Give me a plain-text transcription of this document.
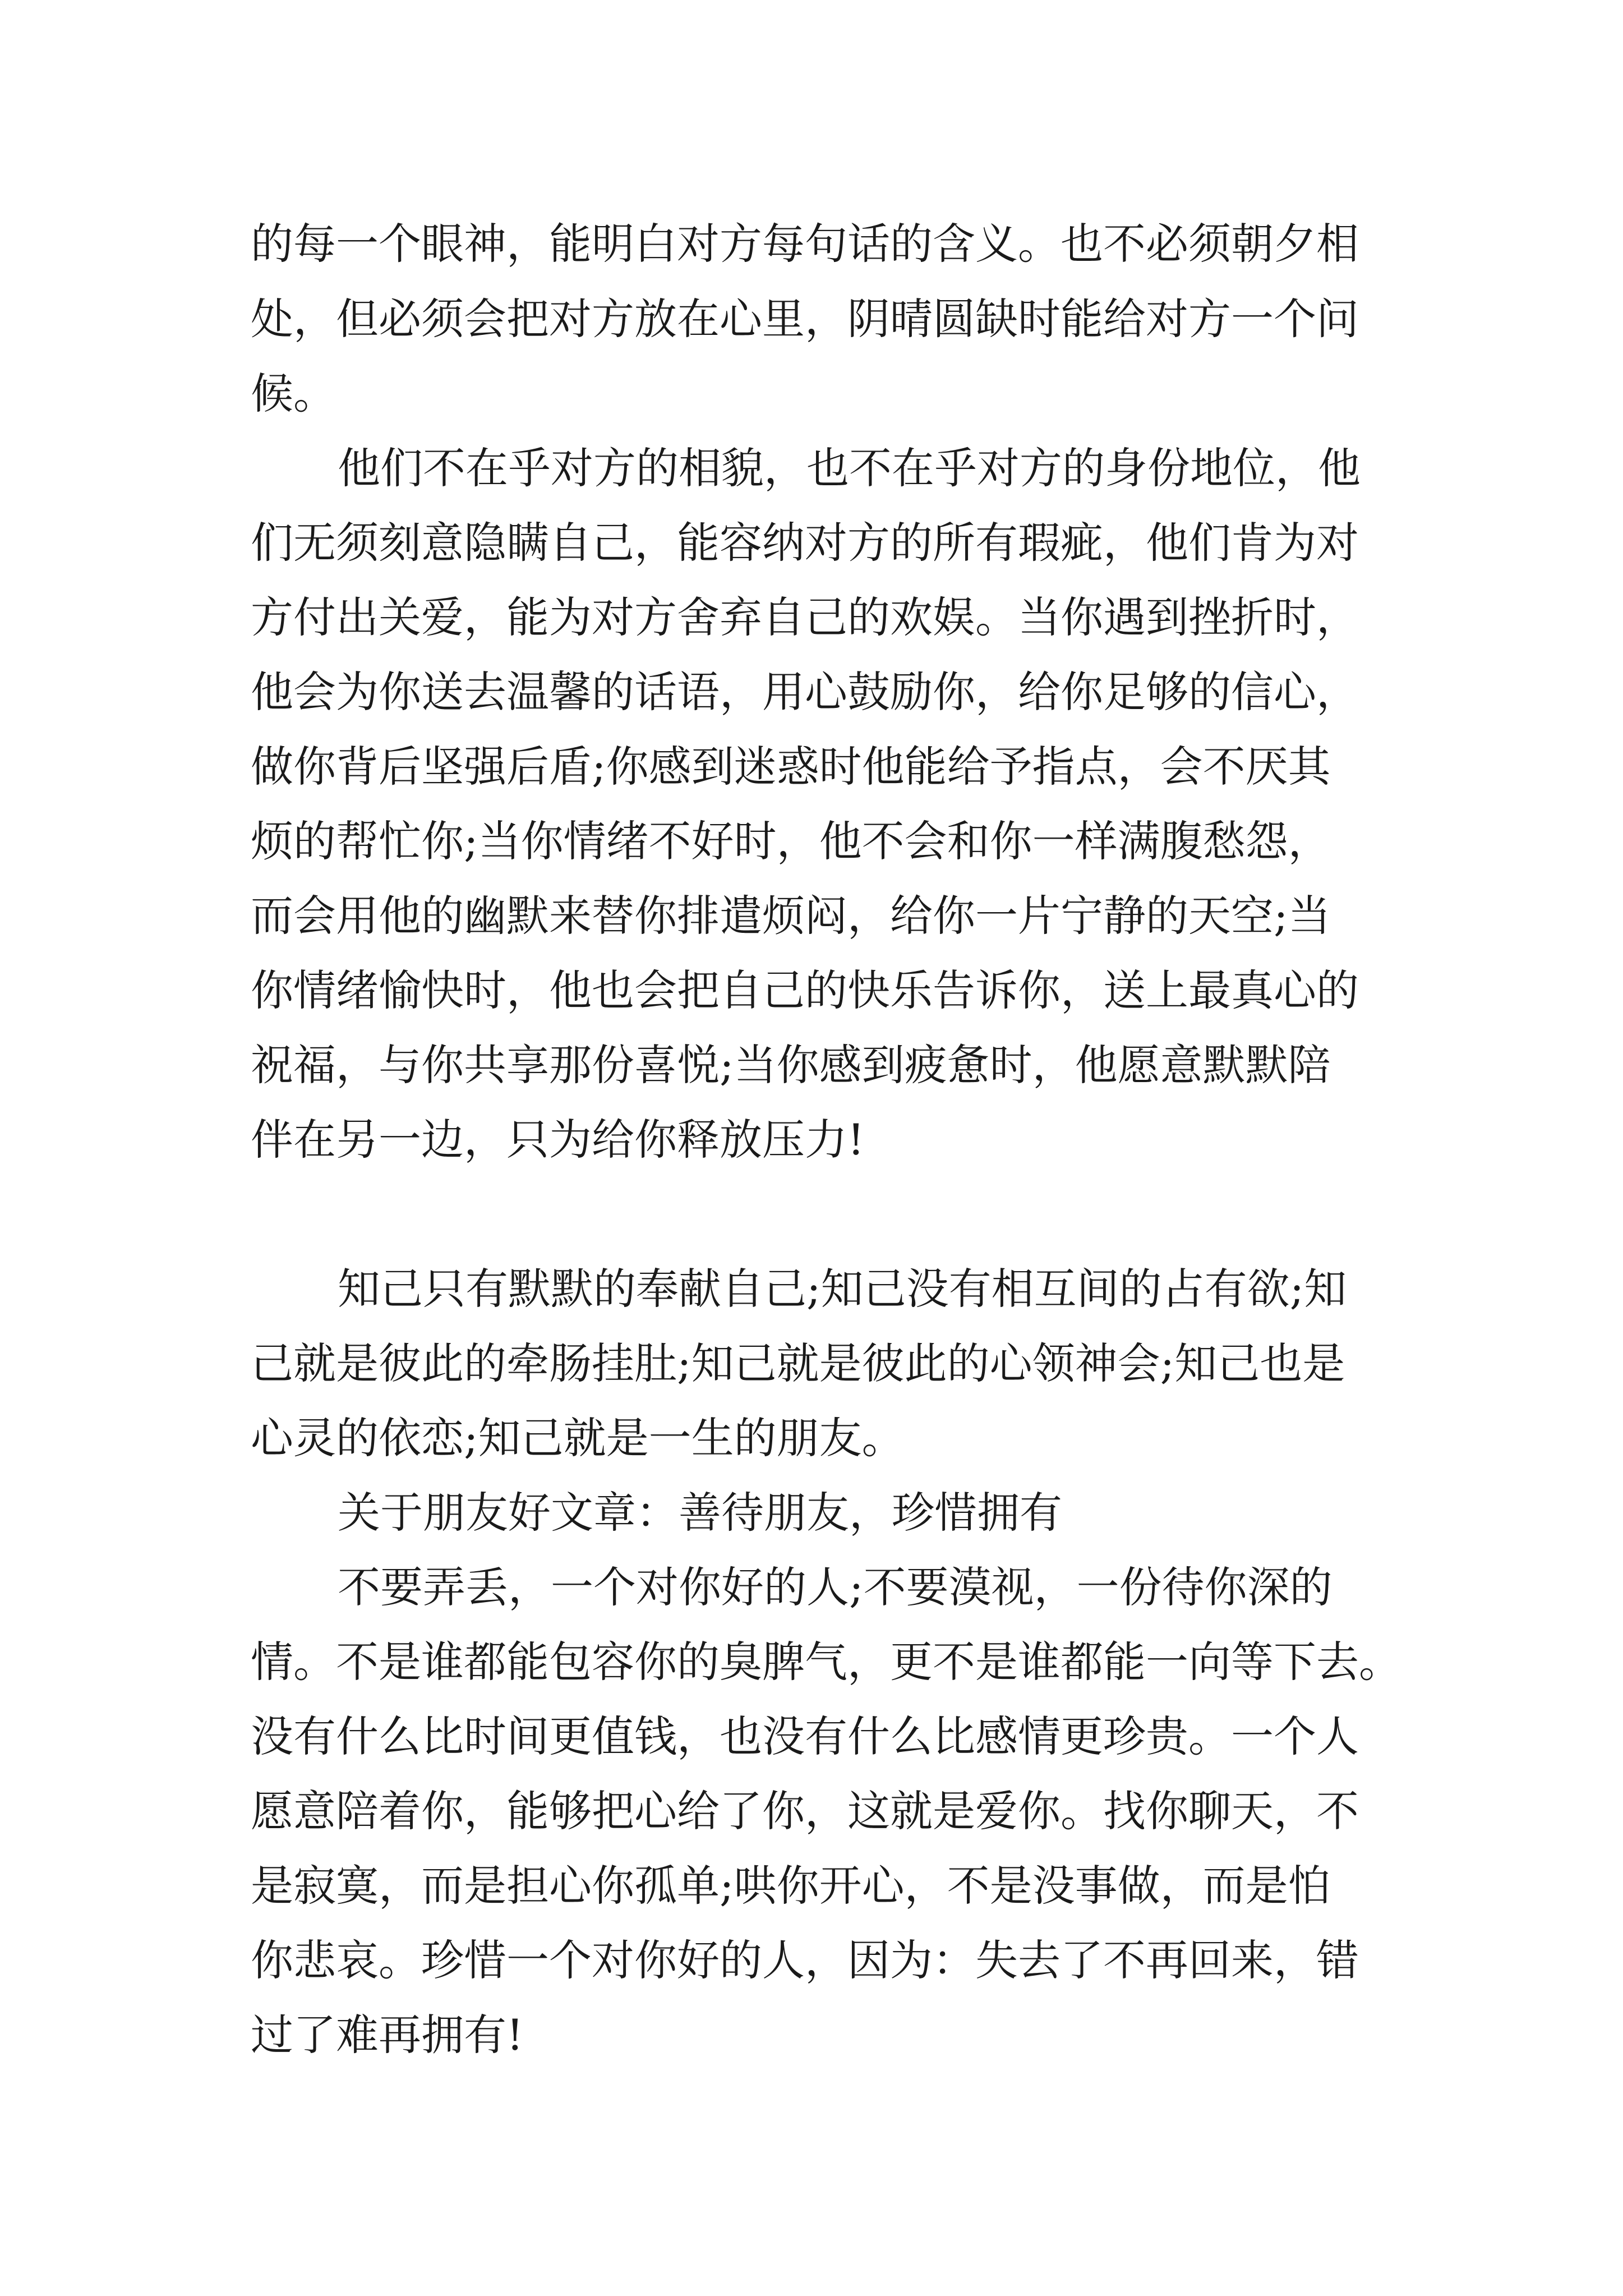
的每一个眼神，能明白对方每句话的含义。也不必须朝夕相

处，但必须会把对方放在心里，阴晴圆缺时能给对方一个问

候。

他们不在乎对方的相貌，也不在乎对方的身份地位，他

们无须刻意隐瞒自己，能容纳对方的所有瑕疵，他们肯为对

方付出关爱，能为对方舍弃自己的欢娱。当你遇到挫折时，

他会为你送去温馨的话语，用心鼓励你，给你足够的信心，

做你背后坚强后盾;你感到迷惑时他能给予指点，会不厌其

烦的帮忙你;当你情绪不好时，他不会和你一样满腹愁怨，

而会用他的幽默来替你排遣烦闷，给你一片宁静的天空;当

你情绪愉快时，他也会把自己的快乐告诉你，送上最真心的

祝福，与你共享那份喜悦;当你感到疲惫时，他愿意默默陪

伴在另一边，只为给你释放压力!

知己只有默默的奉献自己;知己没有相互间的占有欲;知

己就是彼此的牵肠挂肚;知己就是彼此的心领神会;知己也是

心灵的依恋;知己就是一生的朋友。

关于朋友好文章：善待朋友，珍惜拥有

不要弄丢，一个对你好的人;不要漠视，一份待你深的

情。不是谁都能包容你的臭脾气，更不是谁都能一向等下去。

没有什么比时间更值钱，也没有什么比感情更珍贵。一个人

愿意陪着你，能够把心给了你，这就是爱你。找你聊天，不

是寂寞，而是担心你孤单;哄你开心，不是没事做，而是怕

你悲哀。珍惜一个对你好的人，因为：失去了不再回来，错

过了难再拥有!
